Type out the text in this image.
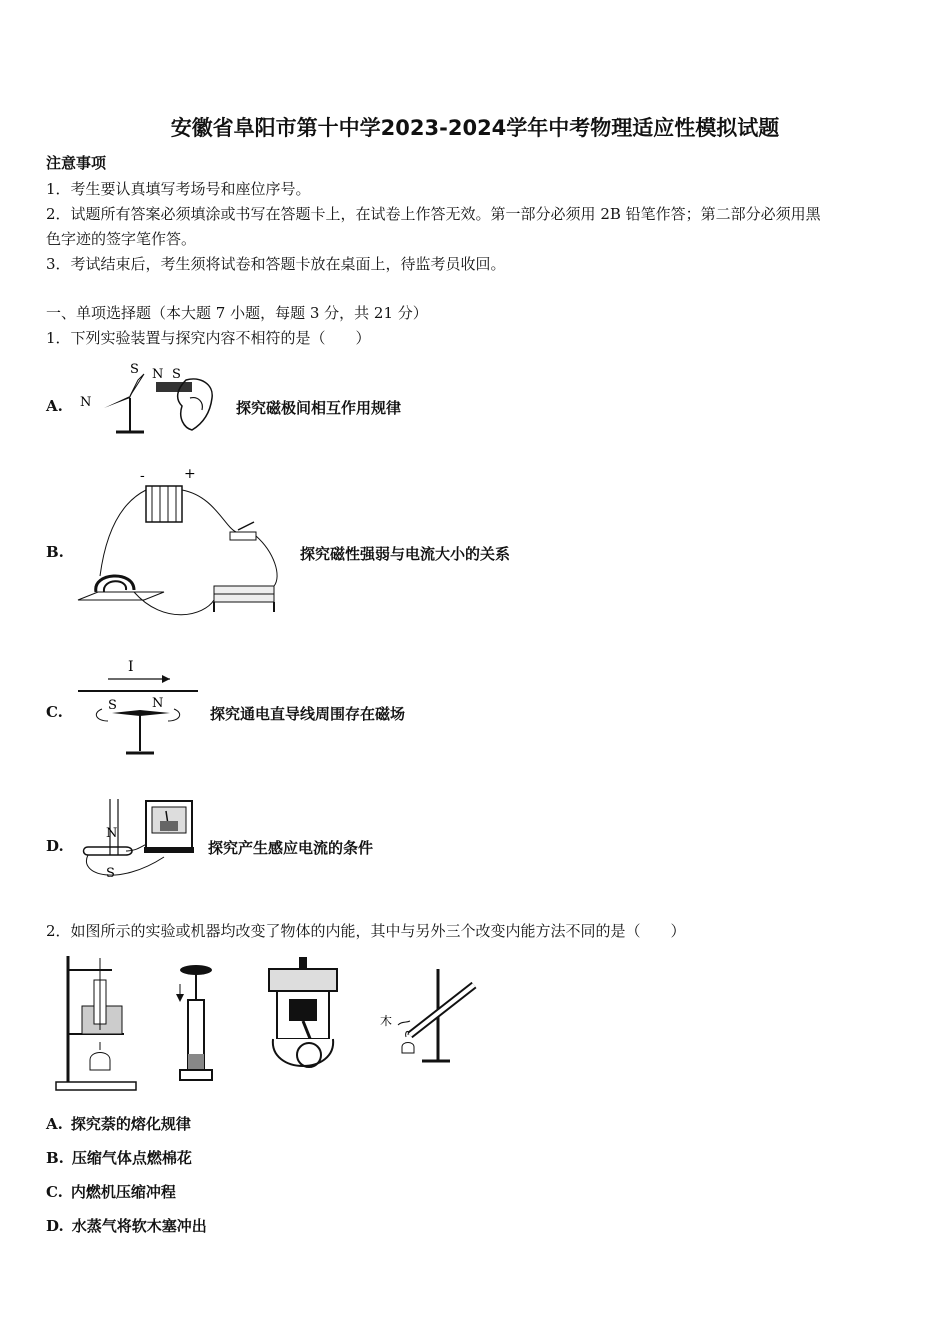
安徽省阜阳市第十中学2023-2024学年中考物理适应性模拟试题
注意事项
1．考生要认真填写考场号和座位序号。
2．试题所有答案必须填涂或书写在答题卡上，在试卷上作答无效。第一部分必须用 2B 铅笔作答；第二部分必须用黑
色字迹的签字笔作答。
3．考试结束后，考生须将试卷和答题卡放在桌面上，待监考员收回。
一、单项选择题（本大题 7 小题，每题 3 分，共 21 分）
1．下列实验装置与探究内容不相符的是（　　）
A.
S
N
N S
探究磁极间相互作用规律
B.
-	+
探究磁性强弱与电流大小的关系
C.
I
S	N
探究通电直导线周围存在磁场
D.
N
S
探究产生感应电流的条件
2．如图所示的实验或机器均改变了物体的内能，其中与另外三个改变内能方法不同的是（　　）
木
A. 探究萘的熔化规律
B. 压缩气体点燃棉花
C. 内燃机压缩冲程
D. 水蒸气将软木塞冲出
